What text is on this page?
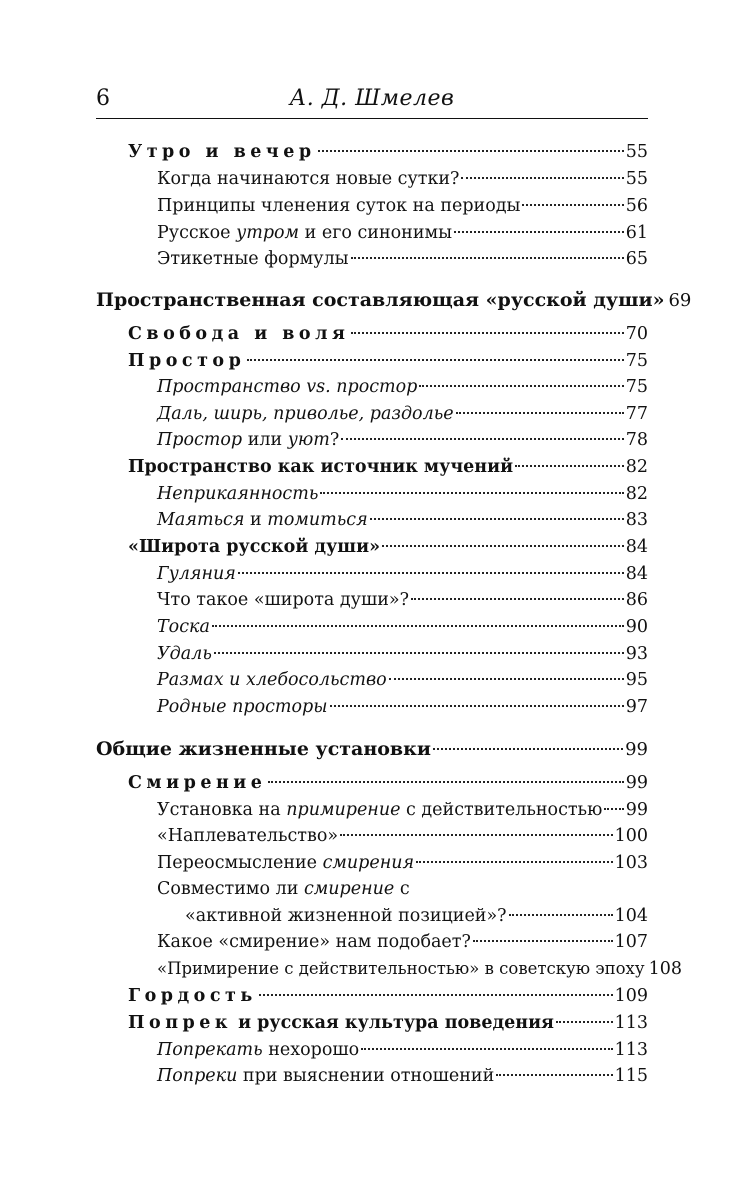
6	А. Д. Шмелев
Утро и вечер	55
Когда начинаются новые сутки?	55
Принципы членения суток на периоды	56
Русское утром и его синонимы	61
Этикетные формулы	65
Пространственная составляющая «русской души» 69
Свобода и воля	70
Простор	75
Пространство vs. простор	75
Даль, ширь, приволье, раздолье	77
Простор или уют?	78
Пространство как источник мучений	82
Неприкаянность	82
Маяться и томиться	83
«Широта русской души»	84
Гуляния	84
Что такое «широта души»?	86
Тоска	90
Удаль	93
Размах и хлебосольство	95
Родные просторы	97
Общие жизненные установки	99
Смирение	99
Установка на примирение с действительностью 99
«Наплевательство»	100
Переосмысление смирения	103
Совместимо ли смирение с
«активной жизненной позицией»?	104
Какое «смирение» нам подобает?	107
«Примирение с действительностью» в советскую эпоху 108
Гордость	109
Попрек и русская культура поведения	113
Попрекать нехорошо	113
Попреки при выяснении отношений	115
